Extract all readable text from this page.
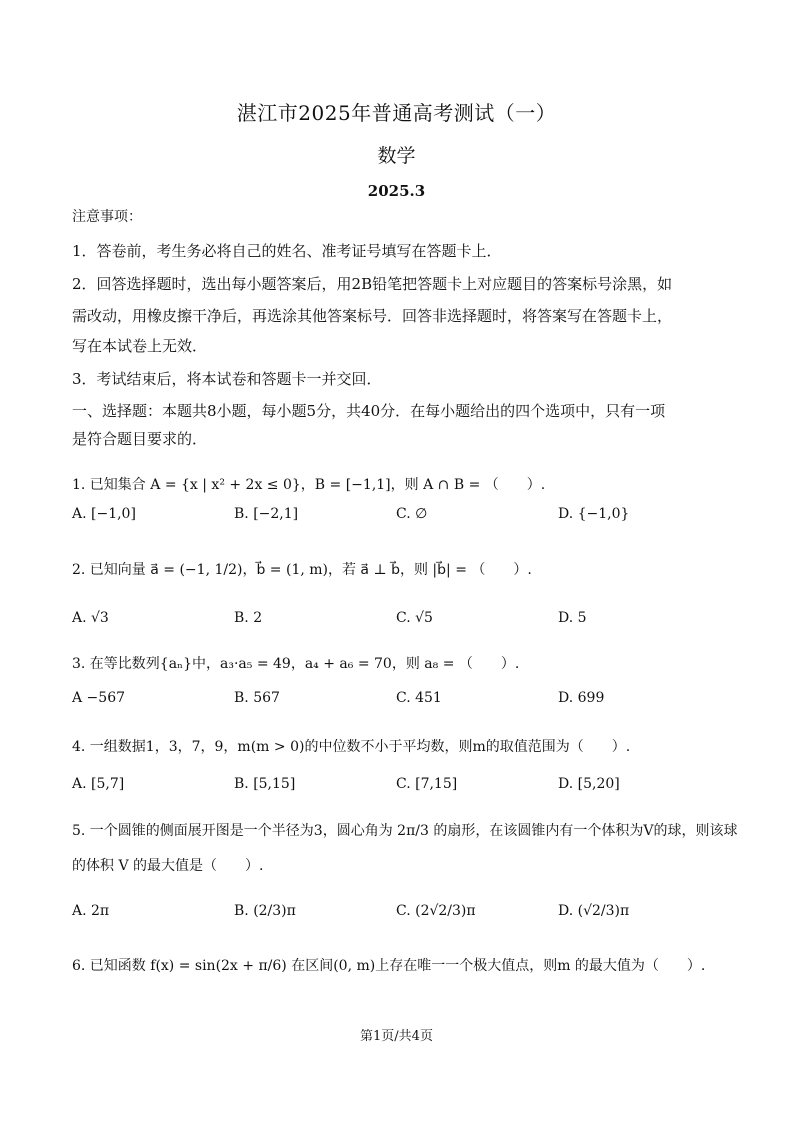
湛江市2025年普通高考测试（一）
数学
2025.3
注意事项：
1．答卷前，考生务必将自己的姓名、准考证号填写在答题卡上．
2．回答选择题时，选出每小题答案后，用2B铅笔把答题卡上对应题目的答案标号涂黑，如
需改动，用橡皮擦干净后，再选涂其他答案标号．回答非选择题时，将答案写在答题卡上，
写在本试卷上无效．
3．考试结束后，将本试卷和答题卡一并交回．
一、选择题：本题共8小题，每小题5分，共40分．在每小题给出的四个选项中，只有一项
是符合题目要求的．
1. 已知集合 A = {x | x² + 2x ≤ 0}，B = [−1,1]，则 A ∩ B = （　　）.
A. [−1,0]	B. [−2,1]	C. ∅	D. {−1,0}
2. 已知向量 a⃗ = (−1, 1/2)，b⃗ = (1, m)，若 a⃗ ⊥ b⃗，则 |b⃗| = （　　）.
A. √3	B. 2	C. √5	D. 5
3. 在等比数列{aₙ}中，a₃·a₅ = 49，a₄ + a₆ = 70，则 a₈ = （　　）.
A −567	B. 567	C. 451	D. 699
4. 一组数据1，3，7，9，m(m > 0)的中位数不小于平均数，则m的取值范围为（　　）.
A. [5,7]	B. [5,15]	C. [7,15]	D. [5,20]
5. 一个圆锥的侧面展开图是一个半径为3，圆心角为 2π/3 的扇形，在该圆锥内有一个体积为V的球，则该球
的体积 V 的最大值是（　　）.
A. 2π	B. (2/3)π	C. (2√2/3)π	D. (√2/3)π
6. 已知函数 f(x) = sin(2x + π/6) 在区间(0, m)上存在唯一一个极大值点，则m 的最大值为（　　）.
第1页/共4页
